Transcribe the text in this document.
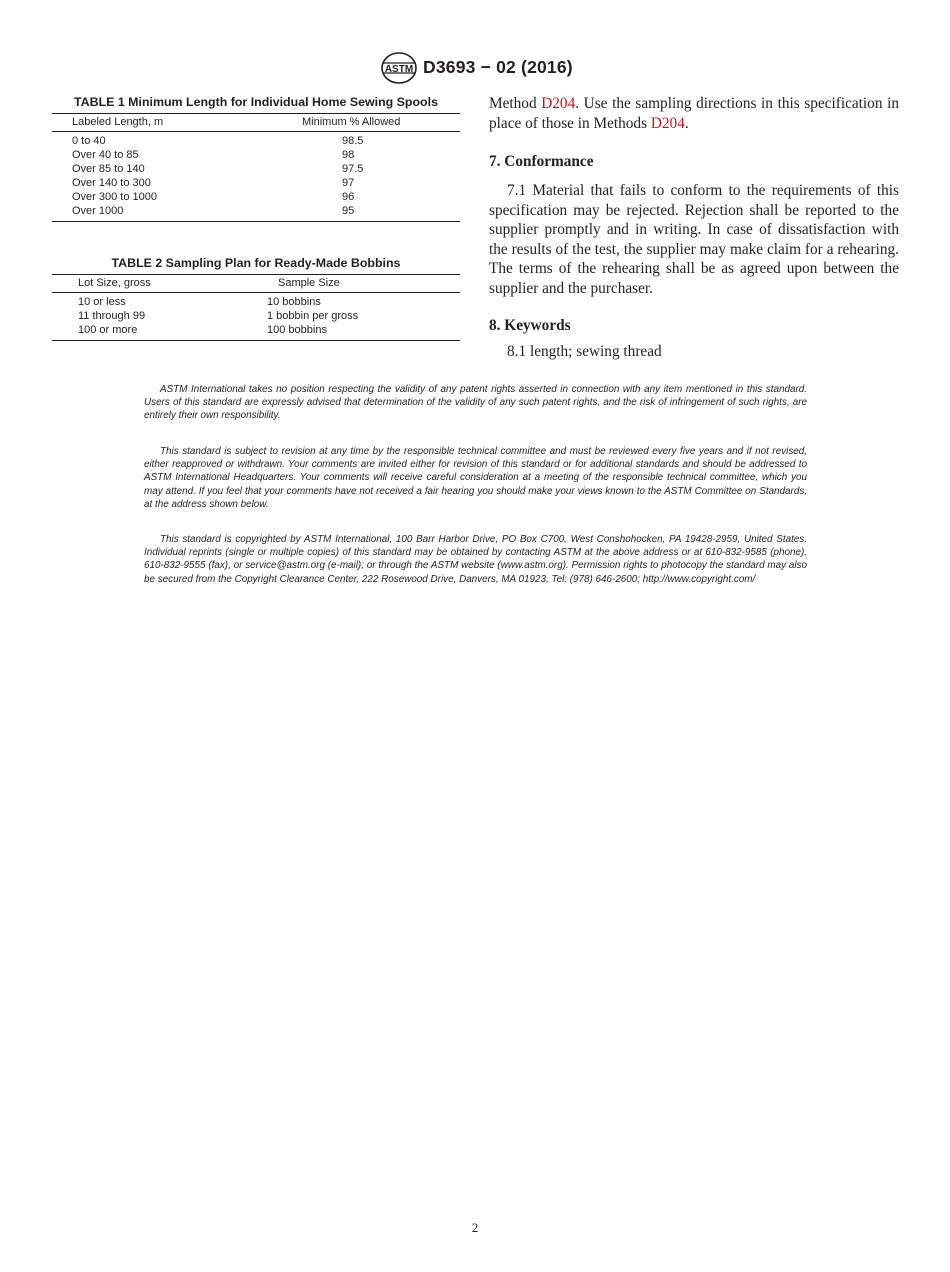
ASTM D3693 − 02 (2016)
TABLE 1 Minimum Length for Individual Home Sewing Spools
Labeled Length, m	Minimum % Allowed
0 to 40	98.5
Over 40 to 85	98
Over 85 to 140	97.5
Over 140 to 300	97
Over 300 to 1000	96
Over 1000	95
TABLE 2 Sampling Plan for Ready-Made Bobbins
Lot Size, gross	Sample Size
10 or less	10 bobbins
11 through 99	1 bobbin per gross
100 or more	100 bobbins

Method D204. Use the sampling directions in this specification in place of those in Methods D204.

7. Conformance
7.1 Material that fails to conform to the requirements of this specification may be rejected. Rejection shall be reported to the supplier promptly and in writing. In case of dissatisfaction with the results of the test, the supplier may make claim for a rehearing. The terms of the rehearing shall be as agreed upon between the supplier and the purchaser.
8. Keywords
8.1 length; sewing thread

ASTM International takes no position respecting the validity of any patent rights asserted in connection with any item mentioned in this standard. Users of this standard are expressly advised that determination of the validity of any such patent rights, and the risk of infringement of such rights, are entirely their own responsibility.

This standard is subject to revision at any time by the responsible technical committee and must be reviewed every five years and if not revised, either reapproved or withdrawn. Your comments are invited either for revision of this standard or for additional standards and should be addressed to ASTM International Headquarters. Your comments will receive careful consideration at a meeting of the responsible technical committee, which you may attend. If you feel that your comments have not received a fair hearing you should make your views known to the ASTM Committee on Standards, at the address shown below.

This standard is copyrighted by ASTM International, 100 Barr Harbor Drive, PO Box C700, West Conshohocken, PA 19428-2959, United States. Individual reprints (single or multiple copies) of this standard may be obtained by contacting ASTM at the above address or at 610-832-9585 (phone), 610-832-9555 (fax), or service@astm.org (e-mail); or through the ASTM website (www.astm.org). Permission rights to photocopy the standard may also be secured from the Copyright Clearance Center, 222 Rosewood Drive, Danvers, MA 01923, Tel: (978) 646-2600; http://www.copyright.com/

2
